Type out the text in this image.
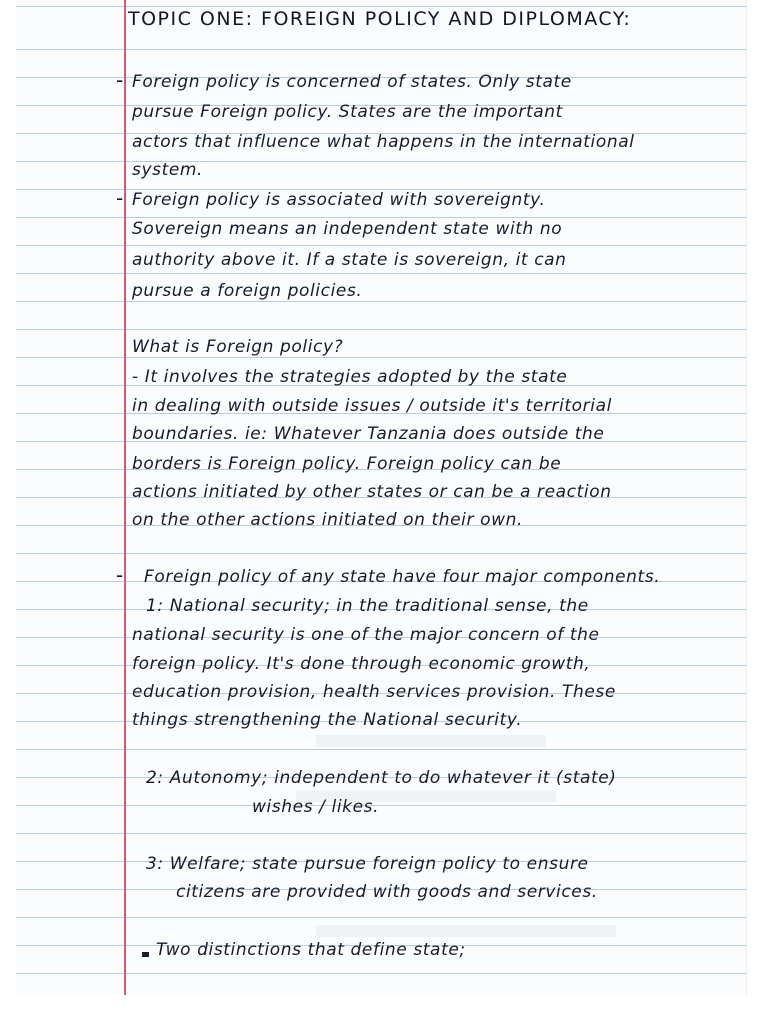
TOPIC ONE: FOREIGN POLICY AND DIPLOMACY:
- Foreign policy is concerned of states. Only state
pursue Foreign policy. States are the important
actors that influence what happens in the international
system.
- Foreign policy is associated with sovereignty.
Sovereign means an independent state with no
authority above it. If a state is sovereign, it can
pursue a foreign policies.
What is Foreign policy?
- It involves the strategies adopted by the state
in dealing with outside issues / outside it's territorial
boundaries. ie: Whatever Tanzania does outside the
borders is Foreign policy. Foreign policy can be
actions initiated by other states or can be a reaction
on the other actions initiated on their own.
- Foreign policy of any state have four major components.
1: National security; in the traditional sense, the
national security is one of the major concern of the
foreign policy. It's done through economic growth,
education provision, health services provision. These
things strengthening the National security.
2: Autonomy; independent to do whatever it (state)
wishes / likes.
3: Welfare; state pursue foreign policy to ensure
citizens are provided with goods and services.
Two distinctions that define state;
